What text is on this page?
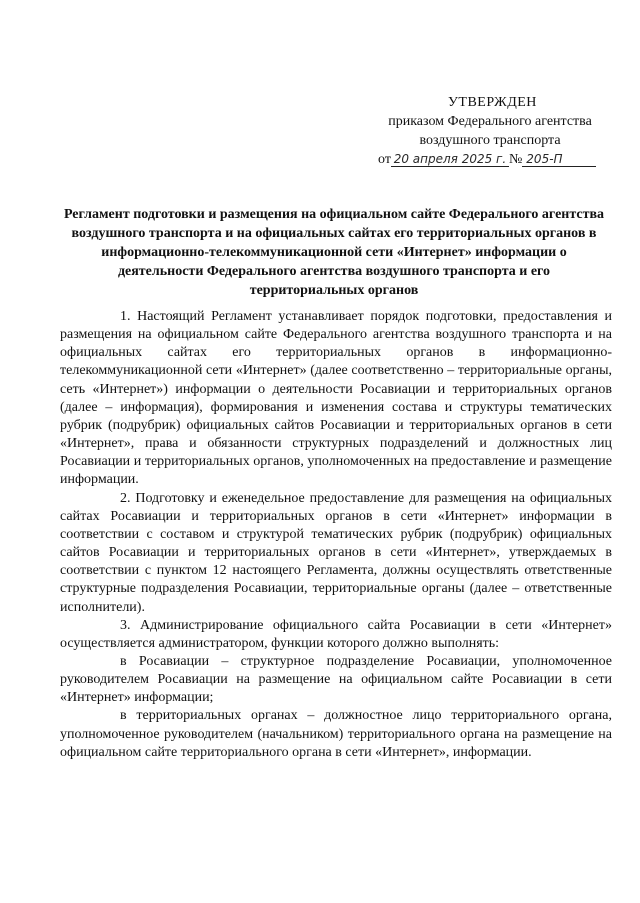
УТВЕРЖДЕН
приказом Федерального агентства
воздушного транспорта
от 20 апреля 2025 г. № 205-П
Регламент подготовки и размещения на официальном сайте Федерального агентства воздушного транспорта и на официальных сайтах его территориальных органов в информационно-телекоммуникационной сети «Интернет» информации о деятельности Федерального агентства воздушного транспорта и его территориальных органов

1. Настоящий Регламент устанавливает порядок подготовки, предоставления и размещения на официальном сайте Федерального агентства воздушного транспорта и на официальных сайтах его территориальных органов в информационно-телекоммуникационной сети «Интернет» (далее соответственно – территориальные органы, сеть «Интернет») информации о деятельности Росавиации и территориальных органов (далее – информация), формирования и изменения состава и структуры тематических рубрик (подрубрик) официальных сайтов Росавиации и территориальных органов в сети «Интернет», права и обязанности структурных подразделений и должностных лиц Росавиации и территориальных органов, уполномоченных на предоставление и размещение информации.

2. Подготовку и еженедельное предоставление для размещения на официальных сайтах Росавиации и территориальных органов в сети «Интернет» информации в соответствии с составом и структурой тематических рубрик (подрубрик) официальных сайтов Росавиации и территориальных органов в сети «Интернет», утверждаемых в соответствии с пунктом 12 настоящего Регламента, должны осуществлять ответственные структурные подразделения Росавиации, территориальные органы (далее – ответственные исполнители).

3. Администрирование официального сайта Росавиации в сети «Интернет» осуществляется администратором, функции которого должно выполнять:

в Росавиации – структурное подразделение Росавиации, уполномоченное руководителем Росавиации на размещение на официальном сайте Росавиации в сети «Интернет» информации;

в территориальных органах – должностное лицо территориального органа, уполномоченное руководителем (начальником) территориального органа на размещение на официальном сайте территориального органа в сети «Интернет», информации.
